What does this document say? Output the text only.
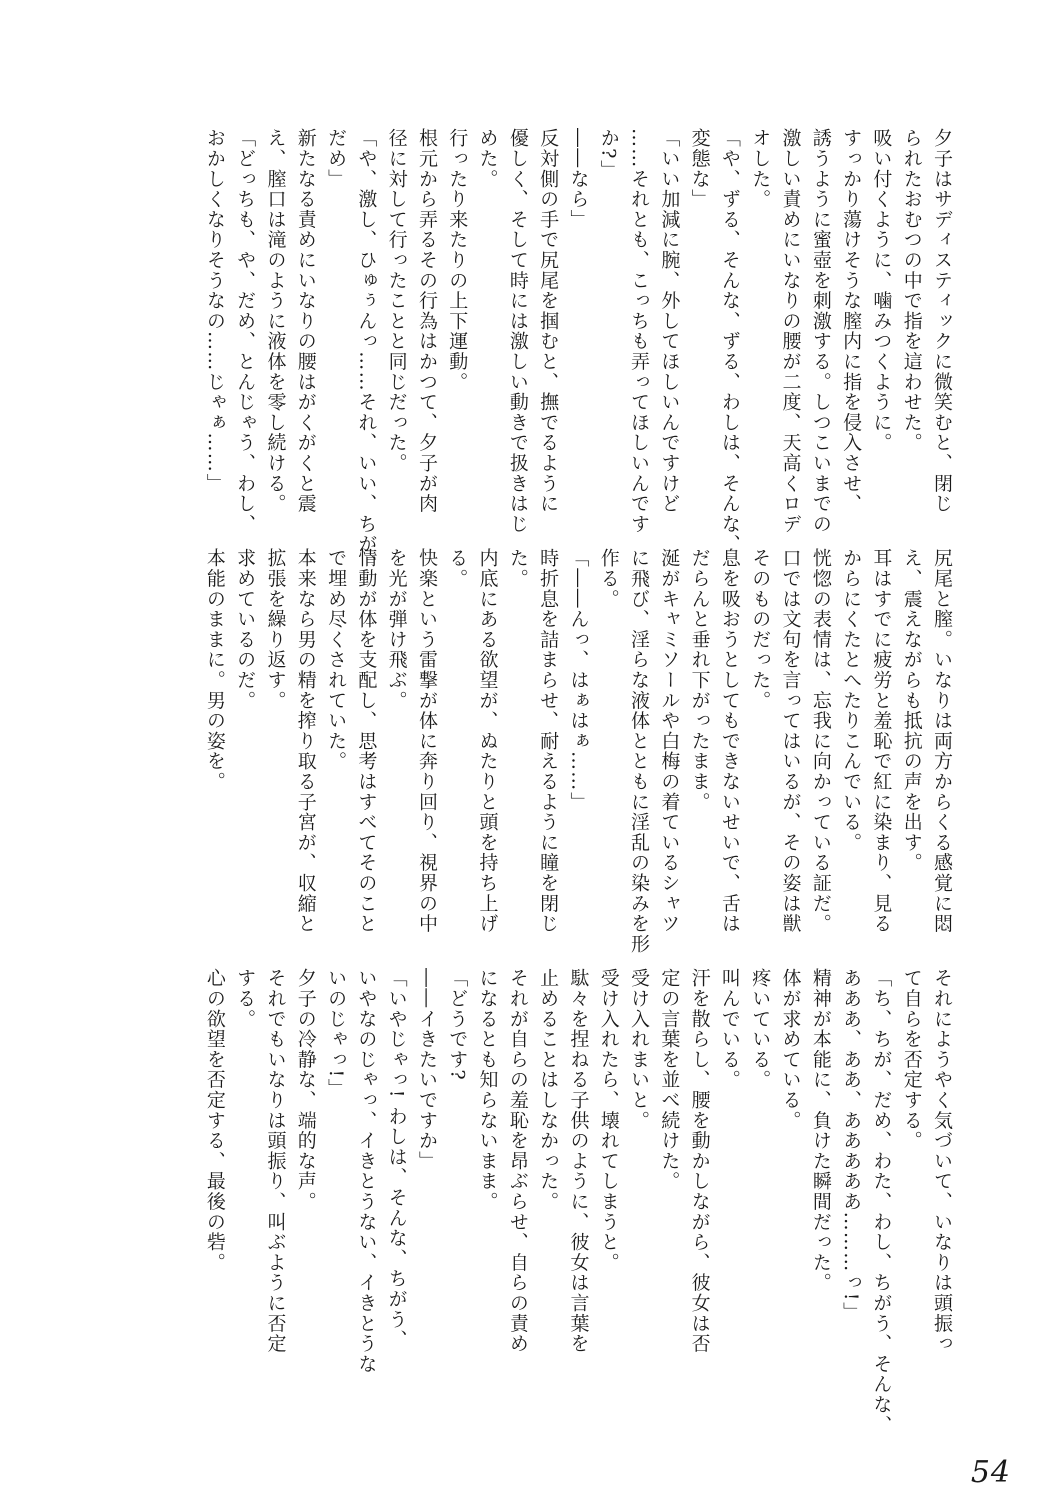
夕子はサディスティックに微笑むと、閉じ
られたおむつの中で指を這わせた。
吸い付くように、噛みつくように。
すっかり蕩けそうな膣内に指を侵入させ、
誘うように蜜壺を刺激する。しつこいまでの
激しい責めにいなりの腰が二度、天高くロデ
オした。
「や、ずる、そんな、ずる、わしは、そんな、
変態な」
「いい加減に腕、外してほしいんですけど
……それとも、こっちも弄ってほしいんです
か?」
――なら」
反対側の手で尻尾を掴むと、撫でるように
優しく、そして時には激しい動きで扱きはじ
めた。
行ったり来たりの上下運動。
根元から弄るその行為はかつて、夕子が肉
径に対して行ったことと同じだった。
「や、激し、ひゅぅんっ……それ、いい、ちが、
だめ」
新たなる責めにいなりの腰はがくがくと震
え、膣口は滝のように液体を零し続ける。
「どっちも、や、だめ、とんじゃう、わし、
おかしくなりそうなの……じゃぁ……」
尻尾と膣。いなりは両方からくる感覚に悶
え、震えながらも抵抗の声を出す。
耳はすでに疲労と羞恥で紅に染まり、見る
からにくたとへたりこんでいる。
恍惚の表情は、忘我に向かっている証だ。
口では文句を言ってはいるが、その姿は獣
そのものだった。
息を吸おうとしてもできないせいで、舌は
だらんと垂れ下がったまま。
涎がキャミソールや白梅の着ているシャツ
に飛び、淫らな液体とともに淫乱の染みを形
作る。
「――んっ、はぁはぁ……」
時折息を詰まらせ、耐えるように瞳を閉じ
た。
内底にある欲望が、ぬたりと頭を持ち上げ
る。
快楽という雷撃が体に奔り回り、視界の中
を光が弾け飛ぶ。
情動が体を支配し、思考はすべてそのこと
で埋め尽くされていた。
本来なら男の精を搾り取る子宮が、収縮と
拡張を繰り返す。
求めているのだ。
本能のままに。男の姿を。
それにようやく気づいて、いなりは頭振っ
て自らを否定する。
「ち、ちが、だめ、わた、わし、ちがう、そんな、
あああ、ああ、あああああ………っ!」
精神が本能に、負けた瞬間だった。
体が求めている。
疼いている。
叫んでいる。
汗を散らし、腰を動かしながら、彼女は否
定の言葉を並べ続けた。
受け入れまいと。
受け入れたら、壊れてしまうと。
駄々を捏ねる子供のように、彼女は言葉を
止めることはしなかった。
それが自らの羞恥を昂ぶらせ、自らの責め
になるとも知らないまま。
「どうです?
――イきたいですか」
「いやじゃっ! わしは、そんな、ちがう、
いやなのじゃっ、イきとうない、イきとうな
いのじゃっ!」
夕子の冷静な、端的な声。
それでもいなりは頭振り、叫ぶように否定
する。
心の欲望を否定する、最後の砦。
54
